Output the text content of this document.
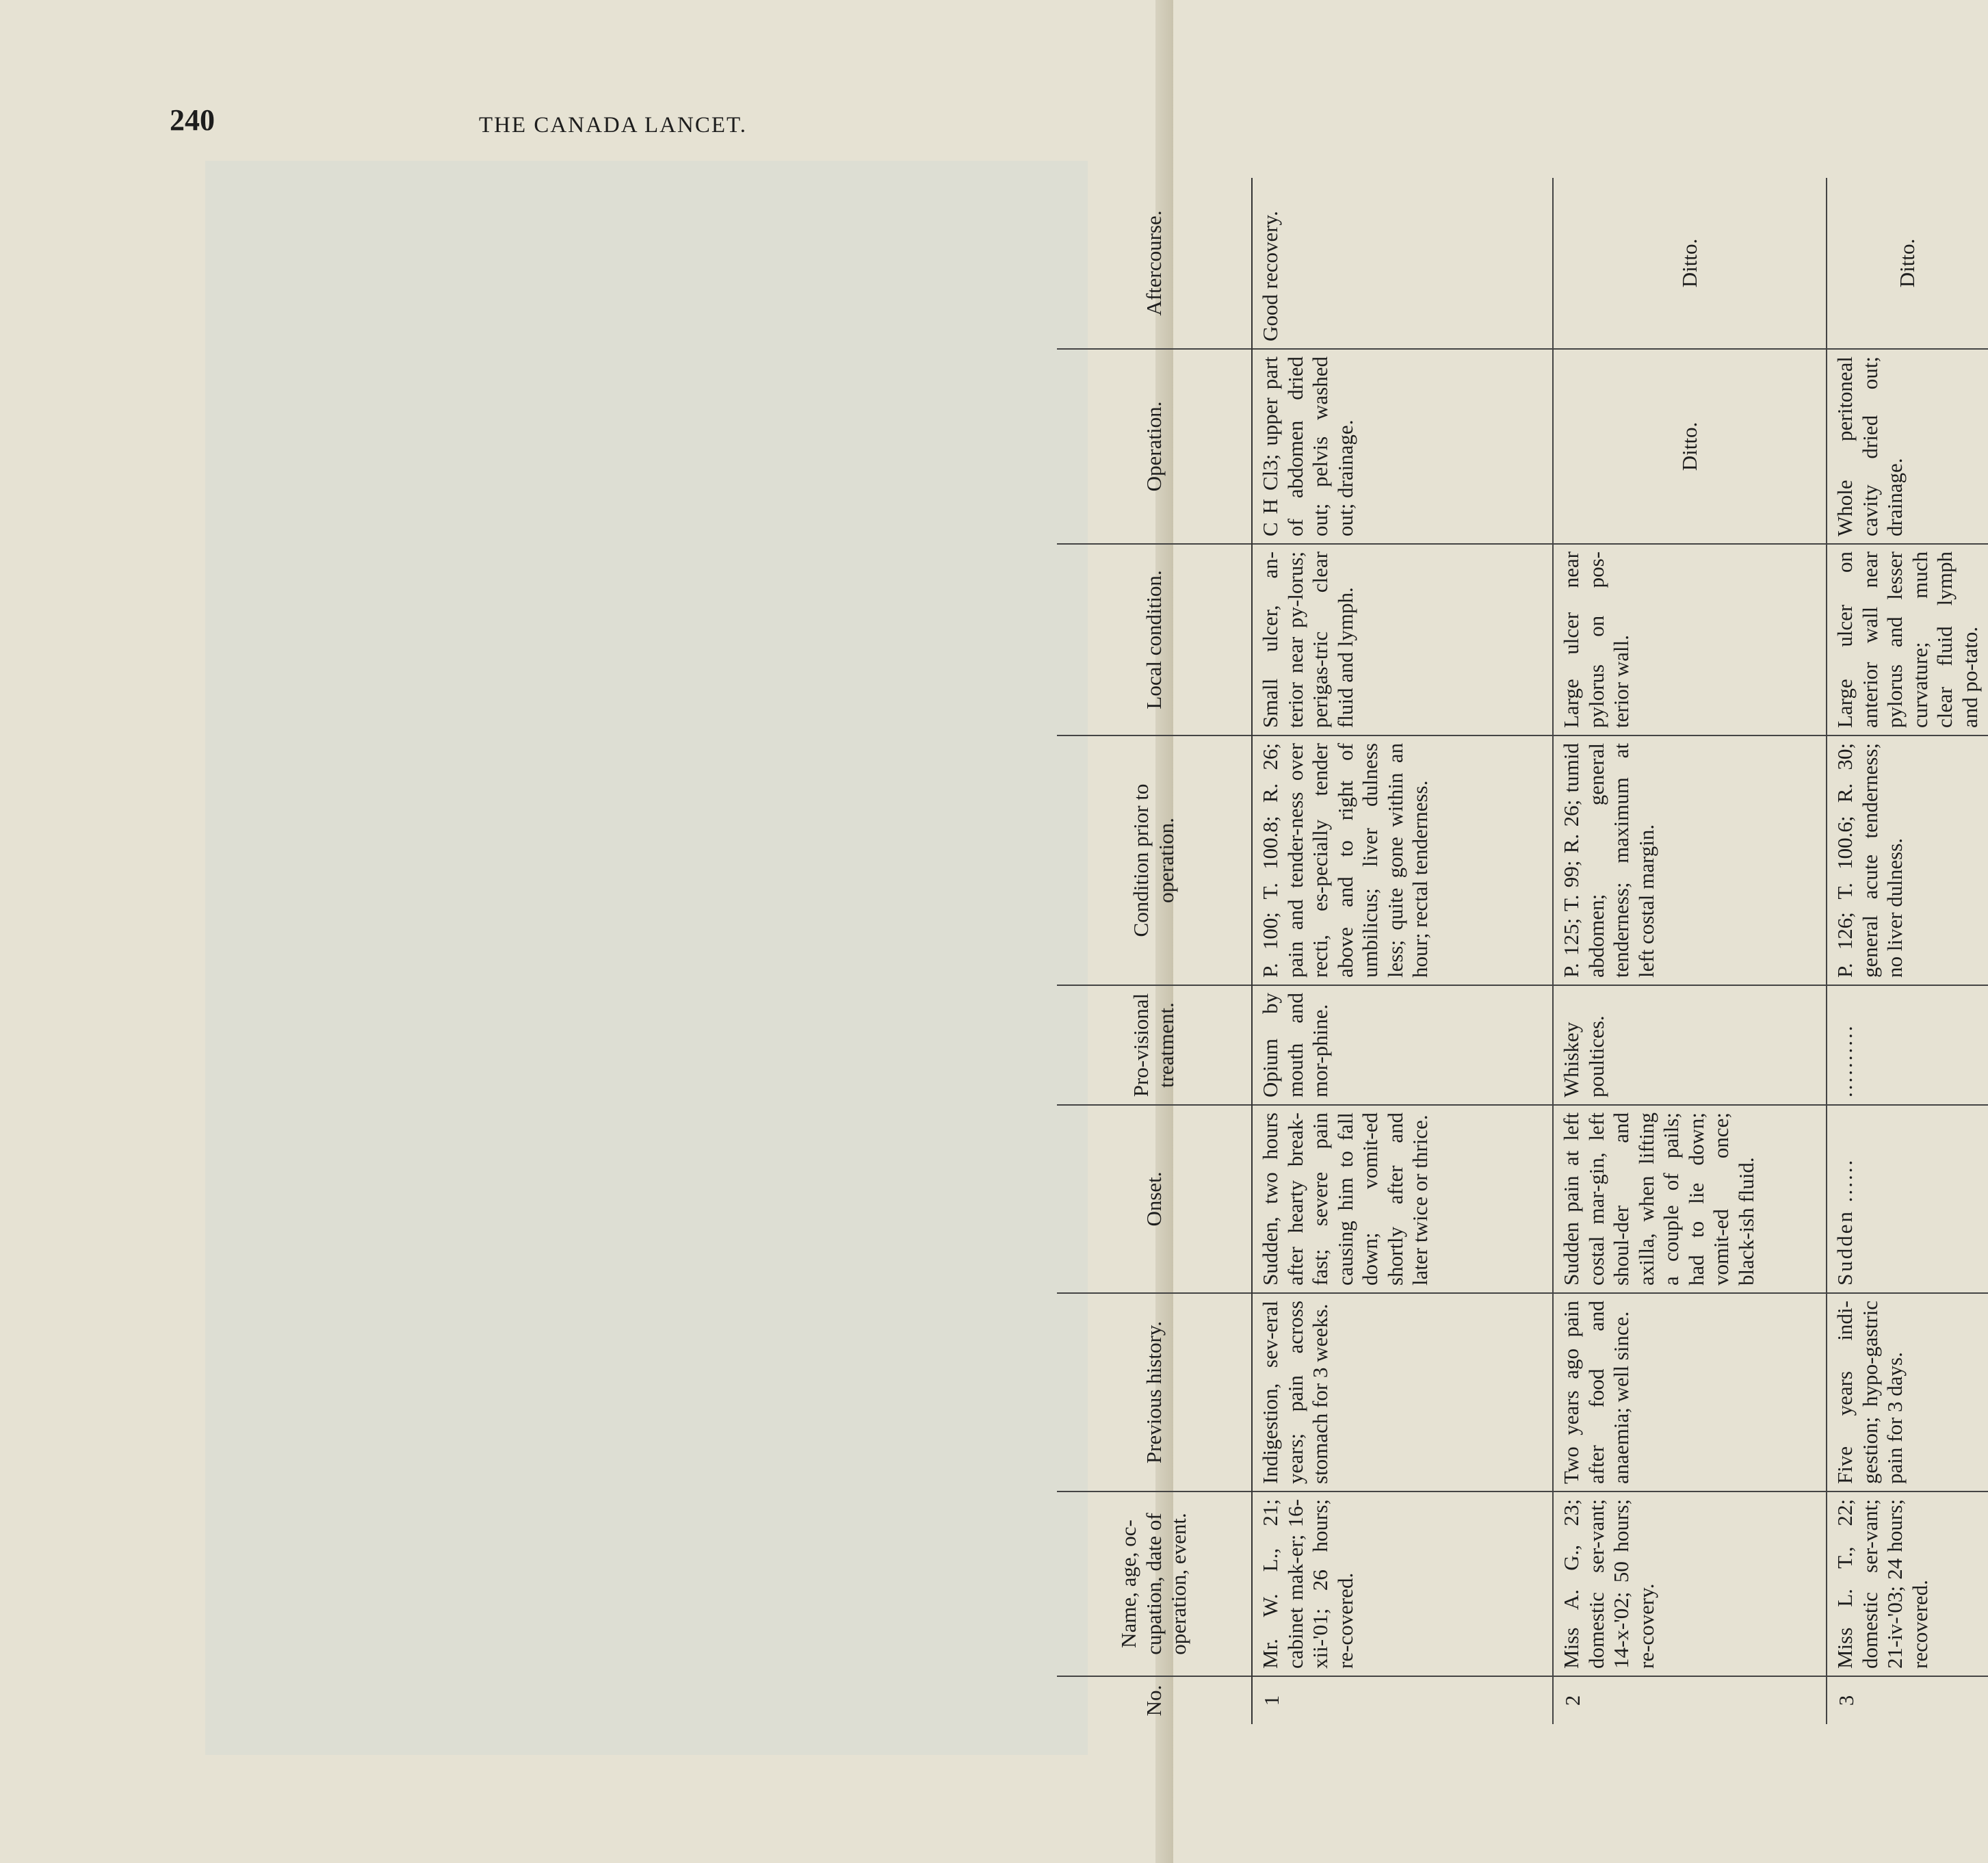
240	THE CANADA LANCET.
No.	Name, age, oc-cupation, date of operation, event.	Previous history.	Onset.	Pro-visional treatment.	Condition prior to operation.	Local condition.	Operation.	Aftercourse.
1	Mr. W. L., 21; cabinet mak-er; 16-xii-'01; 26 hours; re-covered.	Indigestion, sev-eral years; pain across stomach for 3 weeks.	Sudden, two hours after hearty break-fast; severe pain causing him to fall down; vomit-ed shortly after and later twice or thrice.	Opium by mouth and mor-phine.	P. 100; T. 100.8; R. 26; pain and tender-ness over recti, es-pecially tender above and to right of umbilicus; liver dulness less; quite gone within an hour; rectal tenderness.	Small ulcer, an-terior near py-lorus; perigas-tric clear fluid and lymph.	C H Cl3; upper part of abdomen dried out; pelvis washed out; drainage.	Good recovery.
2	Miss A. G., 23; domestic ser-vant; 14-x-'02; 50 hours; re-covery.	Two years ago pain after food and anaemia; well since.	Sudden pain at left costal mar-gin, left shoul-der and axilla, when lifting a couple of pails; had to lie down; vomit-ed once; black-ish fluid.	Whiskey poultices.	P. 125; T. 99; R. 26; tumid abdomen; general tenderness; maximum at left costal margin.	Large ulcer near pylorus on pos-terior wall.	Ditto.	Ditto.
3	Miss L. T., 22; domestic ser-vant; 21-iv-'03; 24 hours; recovered.	Five years indi-gestion; hypo-gastric pain for 3 days.	Sudden ......	..........	P. 126; T. 100.6; R. 30; general acute tenderness; no liver dulness.	Large ulcer on anterior wall near pylorus and lesser curvature; much clear fluid lymph and po-tato.	Whole peritoneal cavity dried out; drainage.	Ditto.
